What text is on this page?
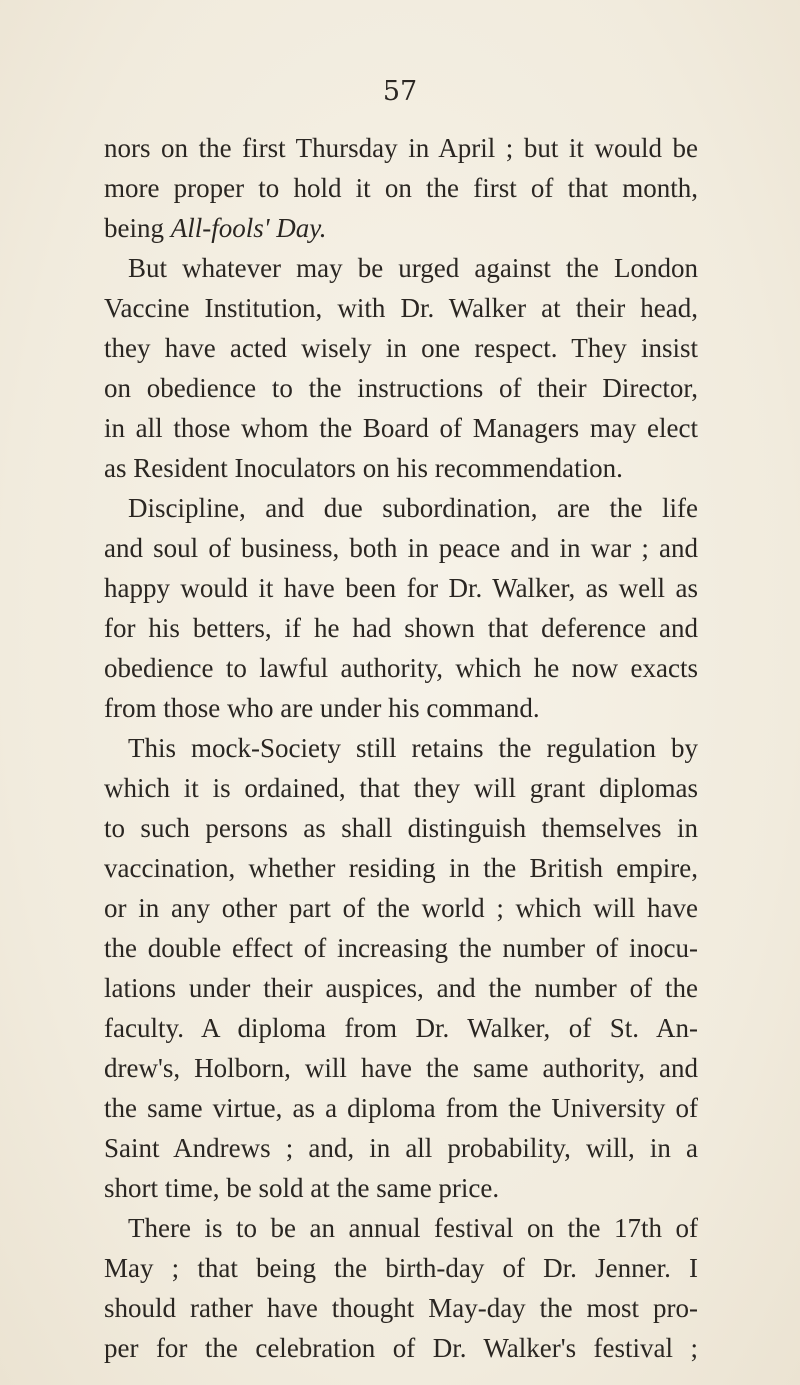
57
nors on the first Thursday in April ; but it would be
more proper to hold it on the first of that month,
being All-fools' Day.
But whatever may be urged against the London
Vaccine Institution, with Dr. Walker at their head,
they have acted wisely in one respect. They insist
on obedience to the instructions of their Director,
in all those whom the Board of Managers may elect
as Resident Inoculators on his recommendation.
Discipline, and due subordination, are the life
and soul of business, both in peace and in war ; and
happy would it have been for Dr. Walker, as well as
for his betters, if he had shown that deference and
obedience to lawful authority, which he now exacts
from those who are under his command.
This mock-Society still retains the regulation by
which it is ordained, that they will grant diplomas
to such persons as shall distinguish themselves in
vaccination, whether residing in the British empire,
or in any other part of the world ; which will have
the double effect of increasing the number of inocu-
lations under their auspices, and the number of the
faculty. A diploma from Dr. Walker, of St. An-
drew's, Holborn, will have the same authority, and
the same virtue, as a diploma from the University of
Saint Andrews ; and, in all probability, will, in a
short time, be sold at the same price.
There is to be an annual festival on the 17th of
May ; that being the birth-day of Dr. Jenner. I
should rather have thought May-day the most pro-
per for the celebration of Dr. Walker's festival ;
